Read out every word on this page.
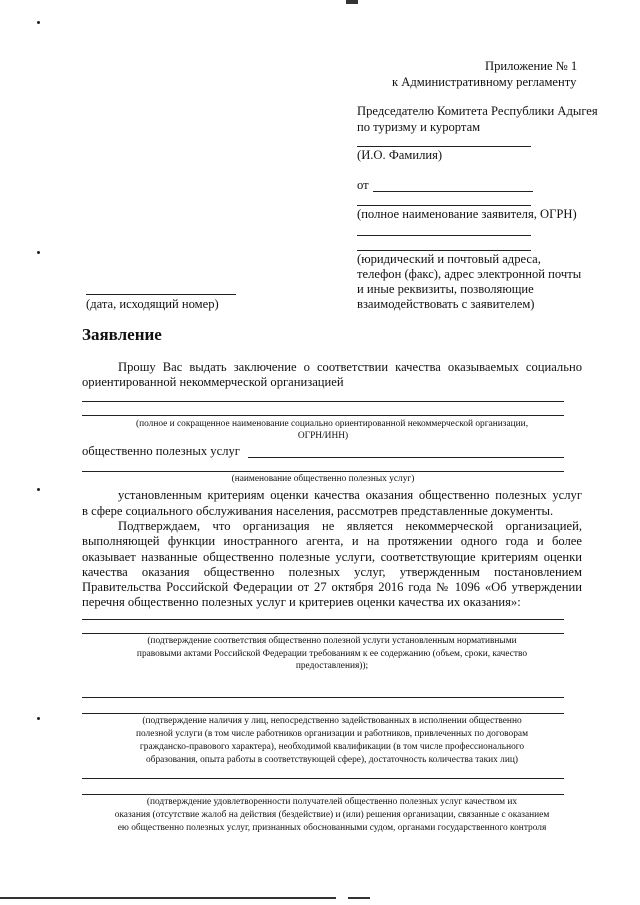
Приложение № 1
к Административному регламенту
Председателю Комитета Республики Адыгея
по туризму и курортам
(И.О. Фамилия)
от
(полное наименование заявителя, ОГРН)
(юридический и почтовый адреса,
телефон (факс), адрес электронной почты
и иные реквизиты, позволяющие
взаимодействовать с заявителем)
(дата, исходящий номер)
Заявление
Прошу Вас выдать заключение о соответствии качества оказываемых социально
ориентированной некоммерческой организацией
(полное и сокращенное наименование социально ориентированной некоммерческой организации,
ОГРН/ИНН)
общественно полезных услуг
(наименование общественно полезных услуг)
установленным критериям оценки качества оказания общественно полезных услуг
в сфере социального обслуживания населения, рассмотрев представленные документы.
Подтверждаем, что организация не является некоммерческой организацией,
выполняющей функции иностранного агента, и на протяжении одного года и более
оказывает названные общественно полезные услуги, соответствующие критериям оценки
качества оказания общественно полезных услуг, утвержденным постановлением
Правительства Российской Федерации от 27 октября 2016 года № 1096 «Об утверждении
перечня общественно полезных услуг и критериев оценки качества их оказания»:
(подтверждение соответствия общественно полезной услуги установленным нормативными
правовыми актами Российской Федерации требованиям к ее содержанию (объем, сроки, качество
предоставления));
(подтверждение наличия у лиц, непосредственно задействованных в исполнении общественно
полезной услуги (в том числе работников организации и работников, привлеченных по договорам
гражданско-правового характера), необходимой квалификации (в том числе профессионального
образования, опыта работы в соответствующей сфере), достаточность количества таких лиц)
(подтверждение удовлетворенности получателей общественно полезных услуг качеством их
оказания (отсутствие жалоб на действия (бездействие) и (или) решения организации, связанные с оказанием
ею общественно полезных услуг, признанных обоснованными судом, органами государственного контроля
